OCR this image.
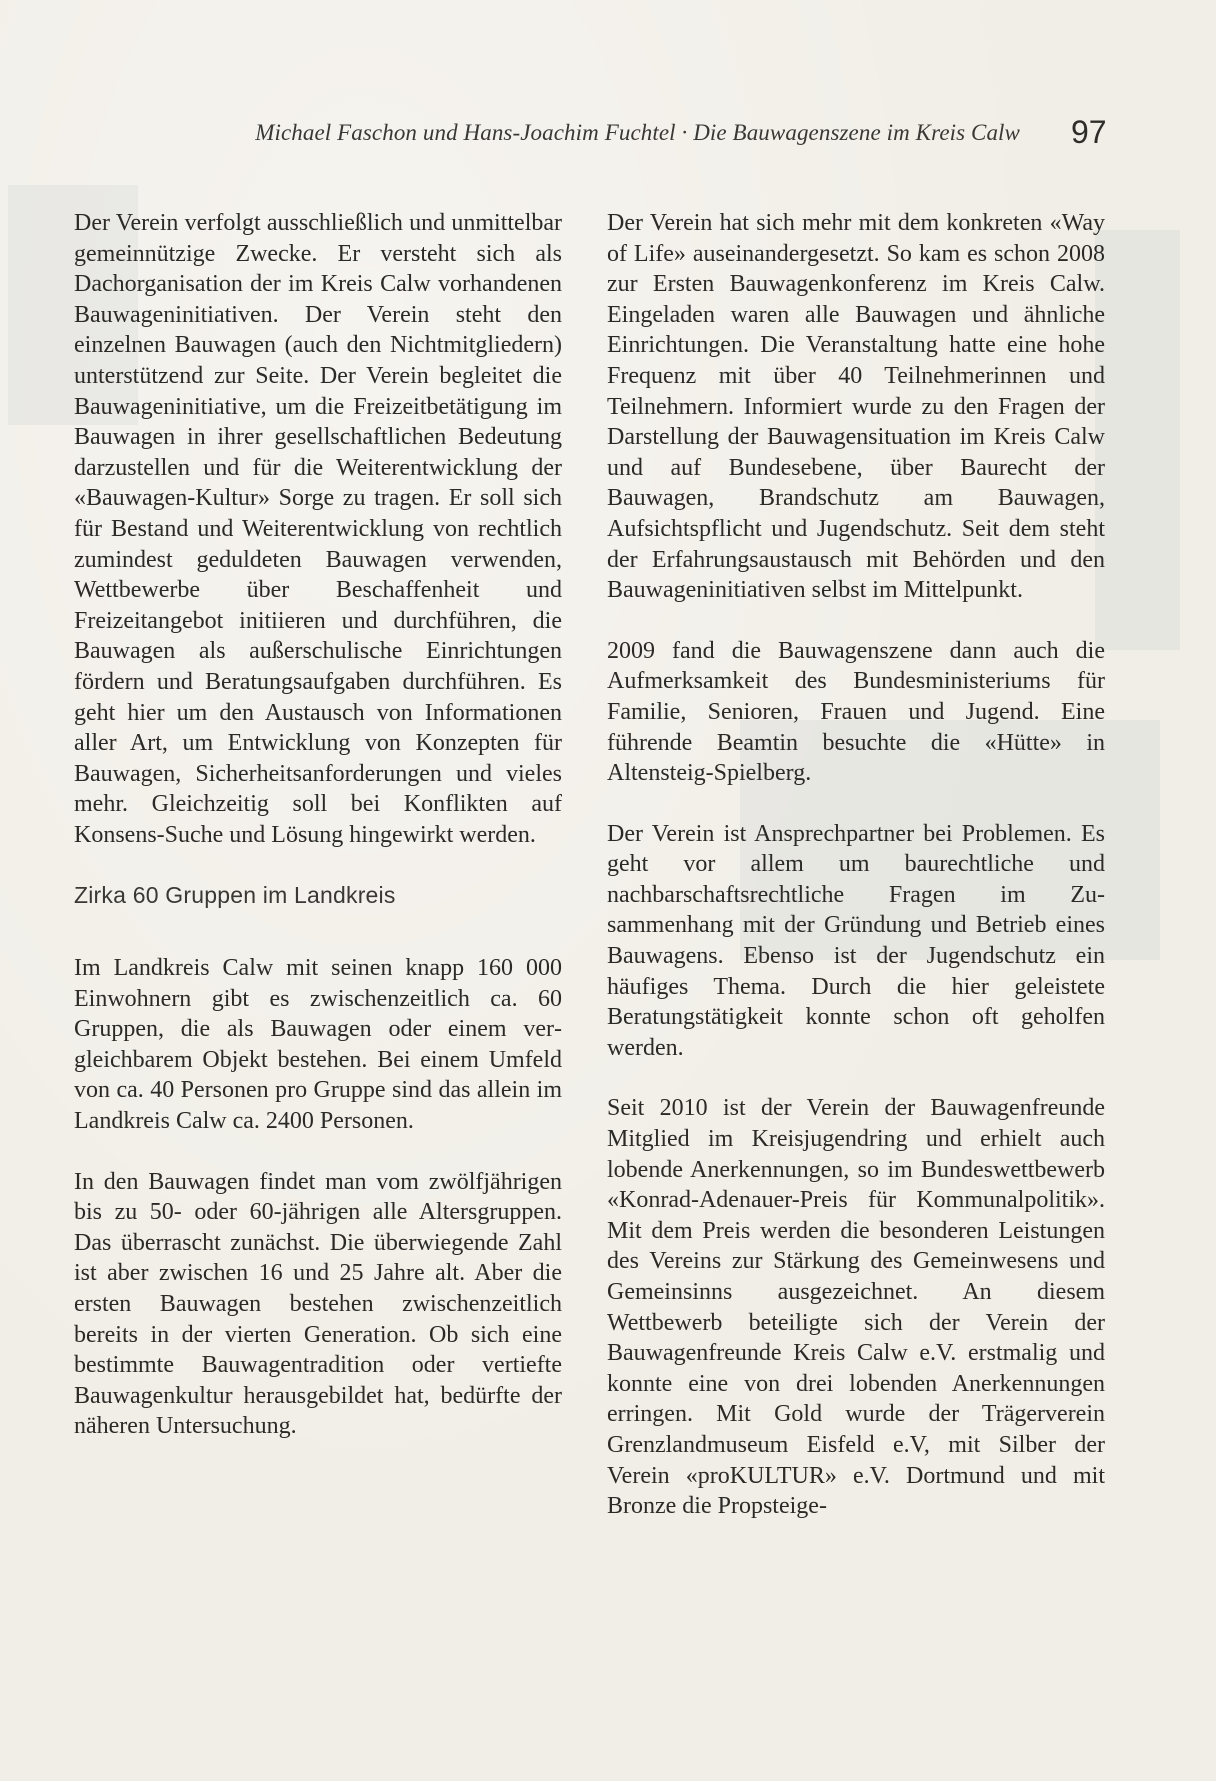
Michael Faschon und Hans-Joachim Fuchtel · Die Bauwagenszene im Kreis Calw 97

Der Verein verfolgt ausschließlich und unmittelbar gemeinnützige Zwecke. Er versteht sich als Dachorganisation der im Kreis Calw vorhandenen Bauwageninitiativen. Der Verein steht den einzelnen Bauwagen (auch den Nichtmitgliedern) unterstützend zur Seite. Der Verein begleitet die Bauwageninitiative, um die Freizeitbetätigung im Bauwagen in ihrer gesellschaftlichen Bedeutung darzustellen und für die Weiterentwicklung der «Bauwagen-Kultur» Sorge zu tragen. Er soll sich für Bestand und Weiterentwicklung von rechtlich zumindest geduldeten Bauwagen verwenden, Wettbewerbe über Beschaffenheit und Freizeitangebot initiieren und durchführen, die Bauwagen als außerschulische Einrichtungen fördern und Beratungsaufgaben durchführen. Es geht hier um den Austausch von Informationen aller Art, um Entwicklung von Konzepten für Bauwagen, Sicherheitsanforderungen und vieles mehr. Gleichzeitig soll bei Konflikten auf Konsens-Suche und Lösung hingewirkt werden.

Zirka 60 Gruppen im Landkreis

Im Landkreis Calw mit seinen knapp 160 000 Einwohnern gibt es zwischenzeitlich ca. 60 Gruppen, die als Bauwagen oder einem vergleichbarem Objekt bestehen. Bei einem Umfeld von ca. 40 Personen pro Gruppe sind das allein im Landkreis Calw ca. 2400 Personen.

In den Bauwagen findet man vom zwölfjährigen bis zu 50- oder 60-jährigen alle Altersgruppen. Das überrascht zunächst. Die überwiegende Zahl ist aber zwischen 16 und 25 Jahre alt. Aber die ersten Bauwagen bestehen zwischenzeitlich bereits in der vierten Generation. Ob sich eine bestimmte Bauwagentradition oder vertiefte Bauwagenkultur herausgebildet hat, bedürfte der näheren Untersuchung.

Der Verein hat sich mehr mit dem konkreten «Way of Life» auseinandergesetzt. So kam es schon 2008 zur Ersten Bauwagenkonferenz im Kreis Calw. Eingeladen waren alle Bauwagen und ähnliche Einrichtungen. Die Veranstaltung hatte eine hohe Frequenz mit über 40 Teilnehmerinnen und Teilnehmern. Informiert wurde zu den Fragen der Darstellung der Bauwagensituation im Kreis Calw und auf Bundesebene, über Baurecht der Bauwagen, Brandschutz am Bauwagen, Aufsichtspflicht und Jugendschutz. Seit dem steht der Erfahrungsaustausch mit Behörden und den Bauwageninitiativen selbst im Mittelpunkt.

2009 fand die Bauwagenszene dann auch die Aufmerksamkeit des Bundesministeriums für Familie, Senioren, Frauen und Jugend. Eine führende Beamtin besuchte die «Hütte» in Altensteig-Spielberg.

Der Verein ist Ansprechpartner bei Problemen. Es geht vor allem um baurechtliche und nachbarschaftsrechtliche Fragen im Zusammenhang mit der Gründung und Betrieb eines Bauwagens. Ebenso ist der Jugendschutz ein häufiges Thema. Durch die hier geleistete Beratungstätigkeit konnte schon oft geholfen werden.

Seit 2010 ist der Verein der Bauwagenfreunde Mitglied im Kreisjugendring und erhielt auch lobende Anerkennungen, so im Bundeswettbewerb «Konrad-Adenauer-Preis für Kommunalpolitik». Mit dem Preis werden die besonderen Leistungen des Vereins zur Stärkung des Gemeinwesens und Gemeinsinns ausgezeichnet. An diesem Wettbewerb beteiligte sich der Verein der Bauwagenfreunde Kreis Calw e.V. erstmalig und konnte eine von drei lobenden Anerkennungen erringen. Mit Gold wurde der Trägerverein Grenzlandmuseum Eisfeld e.V, mit Silber der Verein «proKULTUR» e.V. Dortmund und mit Bronze die Propsteige-
